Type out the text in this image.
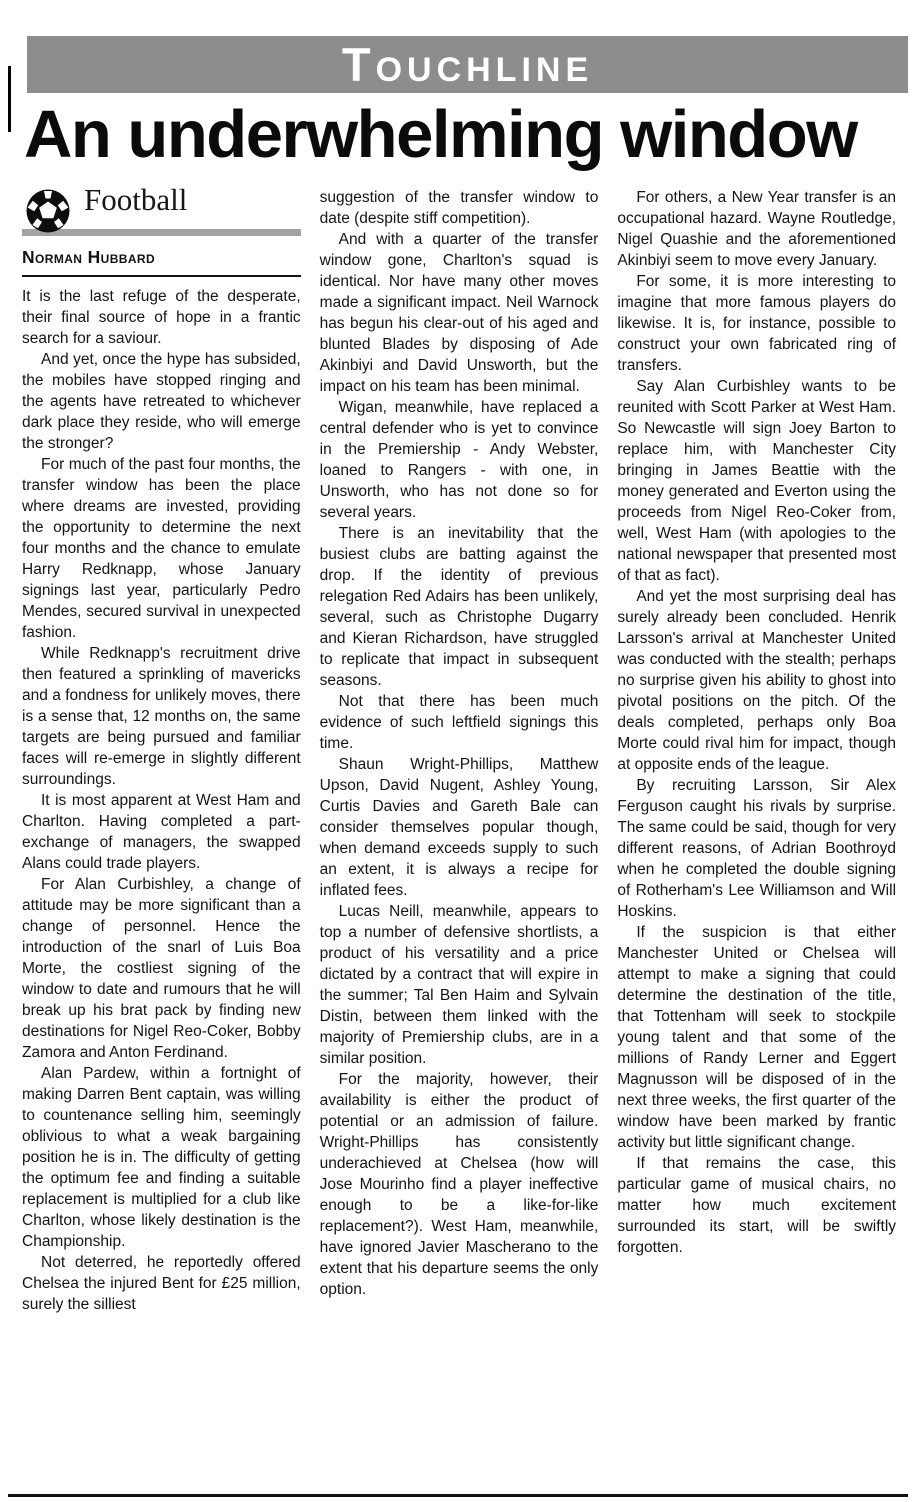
TOUCHLINE
An underwhelming window
Football
Norman Hubbard

It is the last refuge of the desperate, their final source of hope in a frantic search for a saviour.

And yet, once the hype has subsided, the mobiles have stopped ringing and the agents have retreated to whichever dark place they reside, who will emerge the stronger?

For much of the past four months, the transfer window has been the place where dreams are invested, providing the opportunity to determine the next four months and the chance to emulate Harry Redknapp, whose January signings last year, particularly Pedro Mendes, secured survival in unexpected fashion.

While Redknapp's recruitment drive then featured a sprinkling of mavericks and a fondness for unlikely moves, there is a sense that, 12 months on, the same targets are being pursued and familiar faces will re-emerge in slightly different surroundings.

It is most apparent at West Ham and Charlton. Having completed a part-exchange of managers, the swapped Alans could trade players.

For Alan Curbishley, a change of attitude may be more significant than a change of personnel. Hence the introduction of the snarl of Luis Boa Morte, the costliest signing of the window to date and rumours that he will break up his brat pack by finding new destinations for Nigel Reo-Coker, Bobby Zamora and Anton Ferdinand.

Alan Pardew, within a fortnight of making Darren Bent captain, was willing to countenance selling him, seemingly oblivious to what a weak bargaining position he is in. The difficulty of getting the optimum fee and finding a suitable replacement is multiplied for a club like Charlton, whose likely destination is the Championship.

Not deterred, he reportedly offered Chelsea the injured Bent for £25 million, surely the silliest

suggestion of the transfer window to date (despite stiff competition).

And with a quarter of the transfer window gone, Charlton's squad is identical. Nor have many other moves made a significant impact. Neil Warnock has begun his clear-out of his aged and blunted Blades by disposing of Ade Akinbiyi and David Unsworth, but the impact on his team has been minimal.

Wigan, meanwhile, have replaced a central defender who is yet to convince in the Premiership - Andy Webster, loaned to Rangers - with one, in Unsworth, who has not done so for several years.

There is an inevitability that the busiest clubs are batting against the drop. If the identity of previous relegation Red Adairs has been unlikely, several, such as Christophe Dugarry and Kieran Richardson, have struggled to replicate that impact in subsequent seasons.

Not that there has been much evidence of such leftfield signings this time.

Shaun Wright-Phillips, Matthew Upson, David Nugent, Ashley Young, Curtis Davies and Gareth Bale can consider themselves popular though, when demand exceeds supply to such an extent, it is always a recipe for inflated fees.

Lucas Neill, meanwhile, appears to top a number of defensive shortlists, a product of his versatility and a price dictated by a contract that will expire in the summer; Tal Ben Haim and Sylvain Distin, between them linked with the majority of Premiership clubs, are in a similar position.

For the majority, however, their availability is either the product of potential or an admission of failure. Wright-Phillips has consistently underachieved at Chelsea (how will Jose Mourinho find a player ineffective enough to be a like-for-like replacement?). West Ham, meanwhile, have ignored Javier Mascherano to the extent that his departure seems the only option.

For others, a New Year transfer is an occupational hazard. Wayne Routledge, Nigel Quashie and the aforementioned Akinbiyi seem to move every January.

For some, it is more interesting to imagine that more famous players do likewise. It is, for instance, possible to construct your own fabricated ring of transfers.

Say Alan Curbishley wants to be reunited with Scott Parker at West Ham. So Newcastle will sign Joey Barton to replace him, with Manchester City bringing in James Beattie with the money generated and Everton using the proceeds from Nigel Reo-Coker from, well, West Ham (with apologies to the national newspaper that presented most of that as fact).

And yet the most surprising deal has surely already been concluded. Henrik Larsson's arrival at Manchester United was conducted with the stealth; perhaps no surprise given his ability to ghost into pivotal positions on the pitch. Of the deals completed, perhaps only Boa Morte could rival him for impact, though at opposite ends of the league.

By recruiting Larsson, Sir Alex Ferguson caught his rivals by surprise. The same could be said, though for very different reasons, of Adrian Boothroyd when he completed the double signing of Rotherham's Lee Williamson and Will Hoskins.

If the suspicion is that either Manchester United or Chelsea will attempt to make a signing that could determine the destination of the title, that Tottenham will seek to stockpile young talent and that some of the millions of Randy Lerner and Eggert Magnusson will be disposed of in the next three weeks, the first quarter of the window have been marked by frantic activity but little significant change.

If that remains the case, this particular game of musical chairs, no matter how much excitement surrounded its start, will be swiftly forgotten.
